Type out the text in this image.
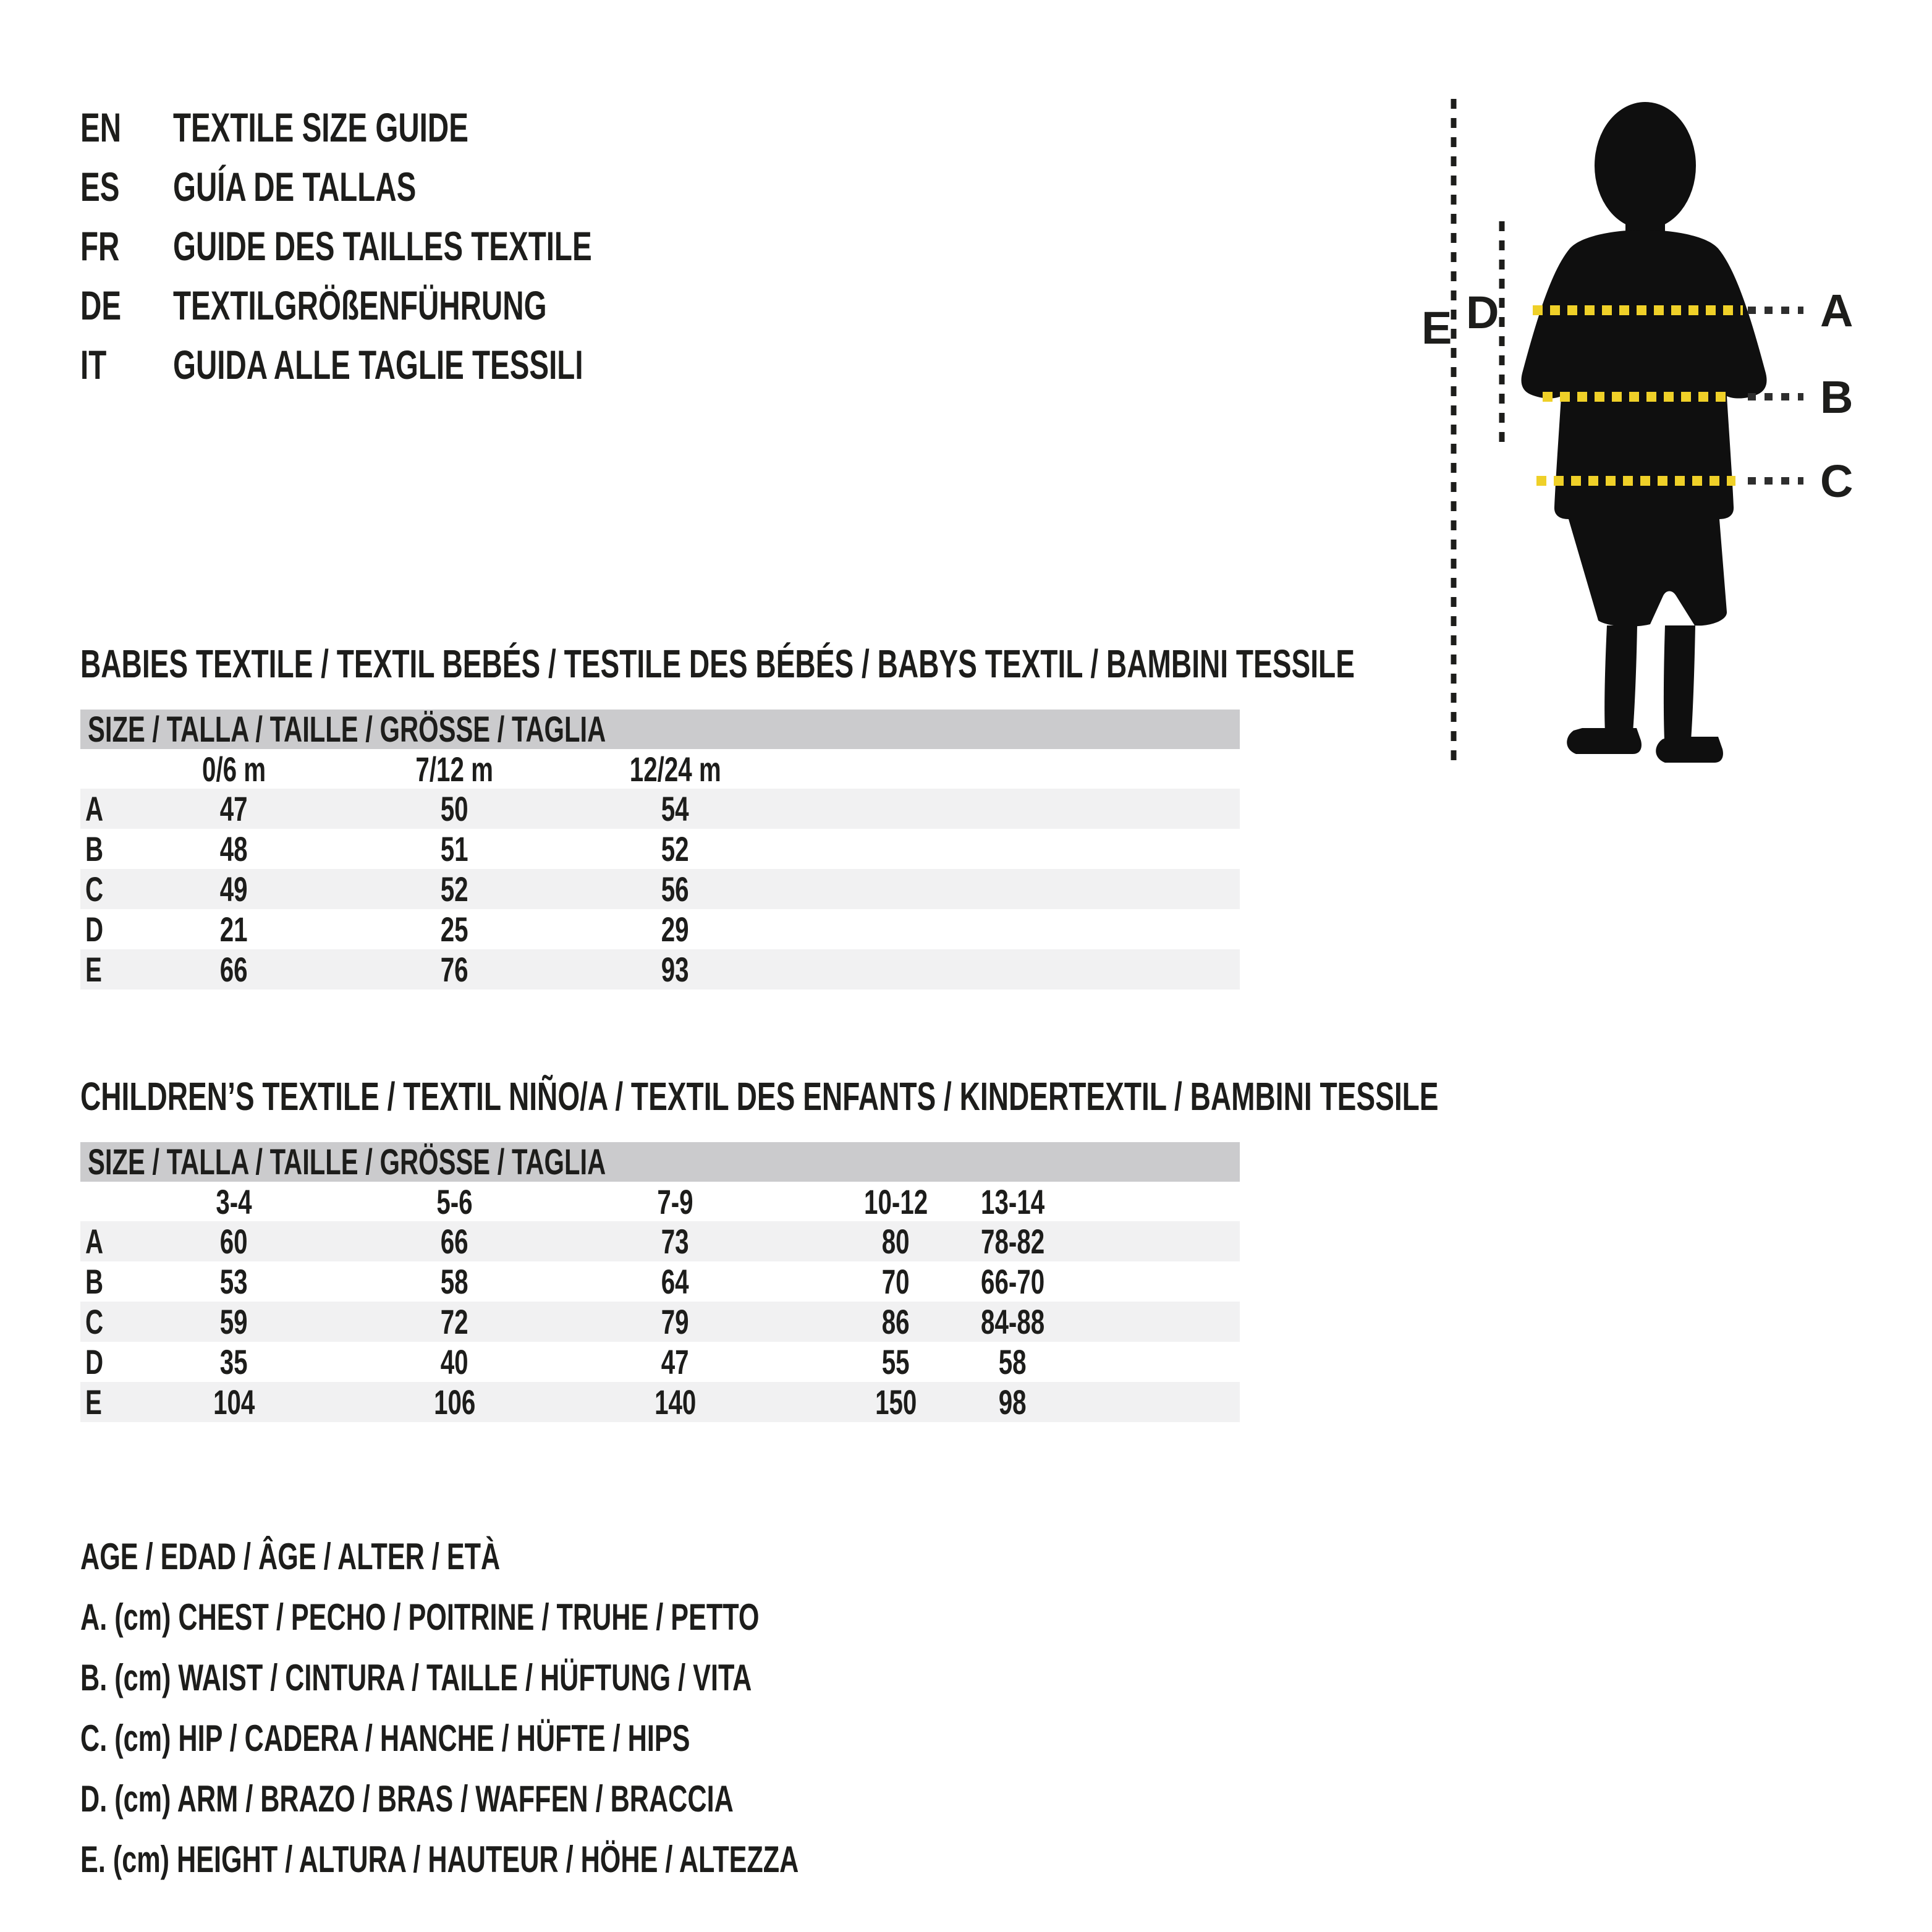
EN	TEXTILE SIZE GUIDE
ES	GUÍA DE TALLAS
FR	GUIDE DES TAILLES TEXTILE
DE	TEXTILGRÖßENFÜHRUNG
IT	GUIDA ALLE TAGLIE TESSILI
A
B
C
D
E
BABIES TEXTILE / TEXTIL BEBÉS / TESTILE DES BÉBÉS / BABYS TEXTIL / BAMBINI TESSILE
SIZE / TALLA / TAILLE / GRÖSSE / TAGLIA
0/6 m	7/12 m	12/24 m
A	47	50	54
B	48	51	52
C	49	52	56
D	21	25	29
E	66	76	93
CHILDREN’S TEXTILE / TEXTIL NIÑO/A / TEXTIL DES ENFANTS / KINDERTEXTIL / BAMBINI TESSILE
SIZE / TALLA / TAILLE / GRÖSSE / TAGLIA
3-4	5-6	7-9	10-12 13-14
A	60	66	73	80 78-82
B	53	58	64	70 66-70
C	59	72	79	86 84-88
D	35	40	47	55	58
E	104	106	140	150 98

AGE / EDAD / ÂGE / ALTER / ETÀ

A. (cm) CHEST / PECHO / POITRINE / TRUHE / PETTO

B. (cm) WAIST / CINTURA / TAILLE / HÜFTUNG / VITA

C. (cm) HIP / CADERA / HANCHE / HÜFTE / HIPS

D. (cm) ARM / BRAZO / BRAS / WAFFEN / BRACCIA

E. (cm) HEIGHT / ALTURA / HAUTEUR / HÖHE / ALTEZZA
